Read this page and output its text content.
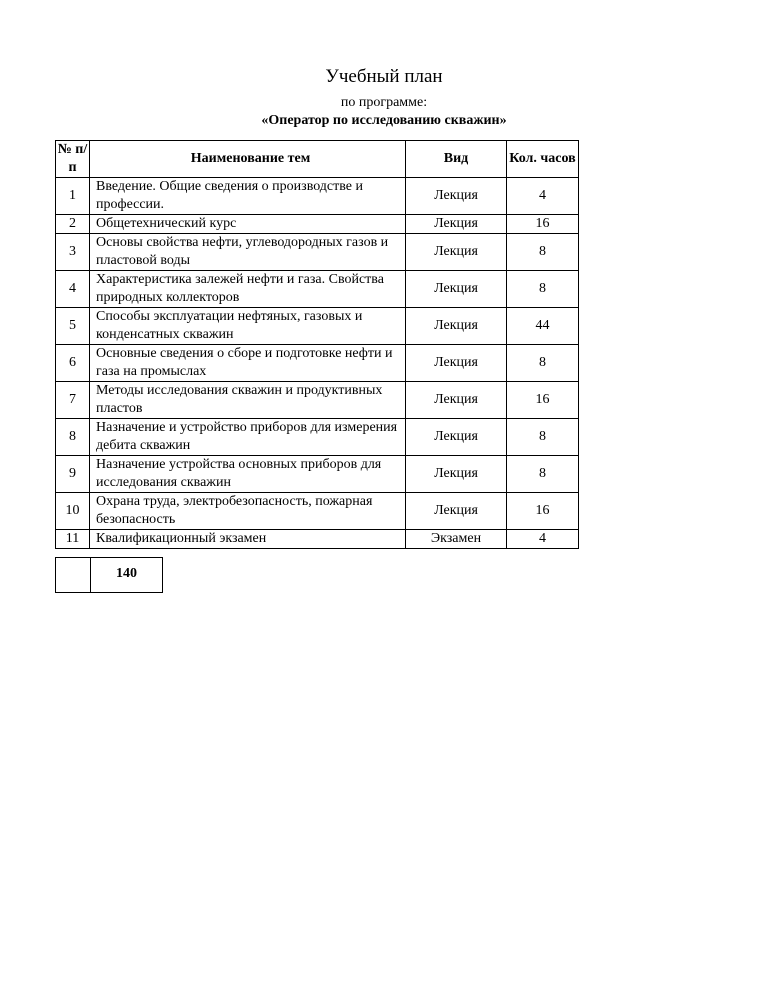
Учебный план
по программе:
«Оператор по исследованию скважин»
№ п/п	Наименование тем	Вид	Кол. часов
1	Введение. Общие сведения о производстве и профессии.	Лекция	4
2	Общетехнический курс	Лекция	16
3	Основы свойства нефти, углеводородных газов и пластовой воды	Лекция	8
4	Характеристика залежей нефти и газа. Свойства природных коллекторов	Лекция	8
5	Способы эксплуатации нефтяных, газовых и конденсатных скважин	Лекция	44
6	Основные сведения о сборе и подготовке нефти и газа на промыслах	Лекция	8
7	Методы исследования скважин и продуктивных пластов	Лекция	16
8	Назначение и устройство приборов для измерения дебита скважин	Лекция	8
9	Назначение устройства основных приборов для исследования скважин	Лекция	8
10	Охрана труда, электробезопасность, пожарная безопасность	Лекция	16
11	Квалификационный экзамен	Экзамен	4
	140
